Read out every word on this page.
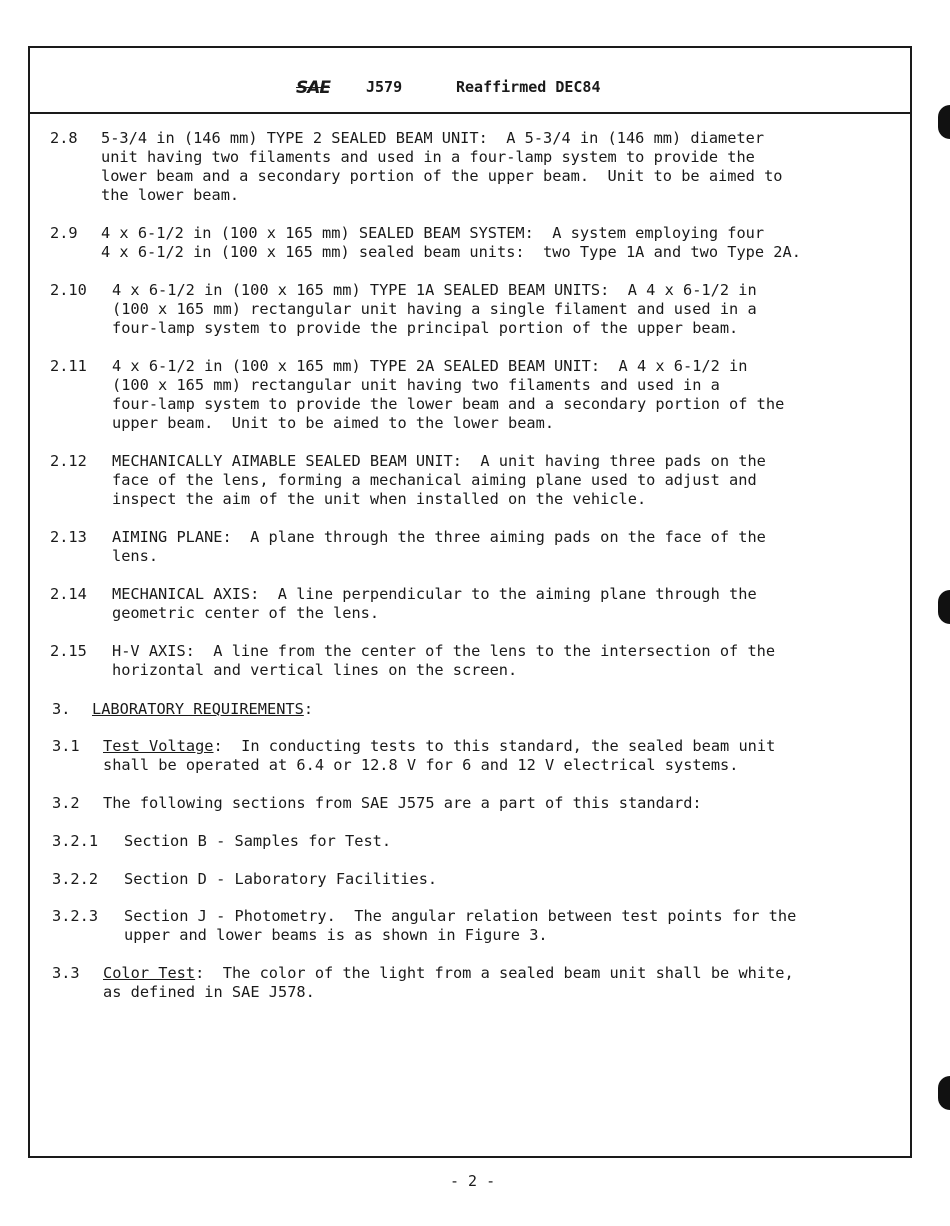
SAE J579	Reaffirmed DEC84
2.8 5-3/4 in (146 mm) TYPE 2 SEALED BEAM UNIT:  A 5-3/4 in (146 mm) diameter
unit having two filaments and used in a four-lamp system to provide the
lower beam and a secondary portion of the upper beam.  Unit to be aimed to
the lower beam.
2.9 4 x 6-1/2 in (100 x 165 mm) SEALED BEAM SYSTEM:  A system employing four
4 x 6-1/2 in (100 x 165 mm) sealed beam units:  two Type 1A and two Type 2A.
2.10 4 x 6-1/2 in (100 x 165 mm) TYPE 1A SEALED BEAM UNITS:  A 4 x 6-1/2 in
(100 x 165 mm) rectangular unit having a single filament and used in a
four-lamp system to provide the principal portion of the upper beam.
2.11 4 x 6-1/2 in (100 x 165 mm) TYPE 2A SEALED BEAM UNIT:  A 4 x 6-1/2 in
(100 x 165 mm) rectangular unit having two filaments and used in a
four-lamp system to provide the lower beam and a secondary portion of the
upper beam.  Unit to be aimed to the lower beam.
2.12 MECHANICALLY AIMABLE SEALED BEAM UNIT:  A unit having three pads on the
face of the lens, forming a mechanical aiming plane used to adjust and
inspect the aim of the unit when installed on the vehicle.
2.13 AIMING PLANE:  A plane through the three aiming pads on the face of the
lens.
2.14 MECHANICAL AXIS:  A line perpendicular to the aiming plane through the
geometric center of the lens.
2.15 H-V AXIS:  A line from the center of the lens to the intersection of the
horizontal and vertical lines on the screen.
3. LABORATORY REQUIREMENTS:
3.1 Test Voltage:  In conducting tests to this standard, the sealed beam unit
shall be operated at 6.4 or 12.8 V for 6 and 12 V electrical systems.
3.2 The following sections from SAE J575 are a part of this standard:
3.2.1 Section B - Samples for Test.
3.2.2 Section D - Laboratory Facilities.
3.2.3 Section J - Photometry.  The angular relation between test points for the
upper and lower beams is as shown in Figure 3.
3.3 Color Test:  The color of the light from a sealed beam unit shall be white,
as defined in SAE J578.
- 2 -
